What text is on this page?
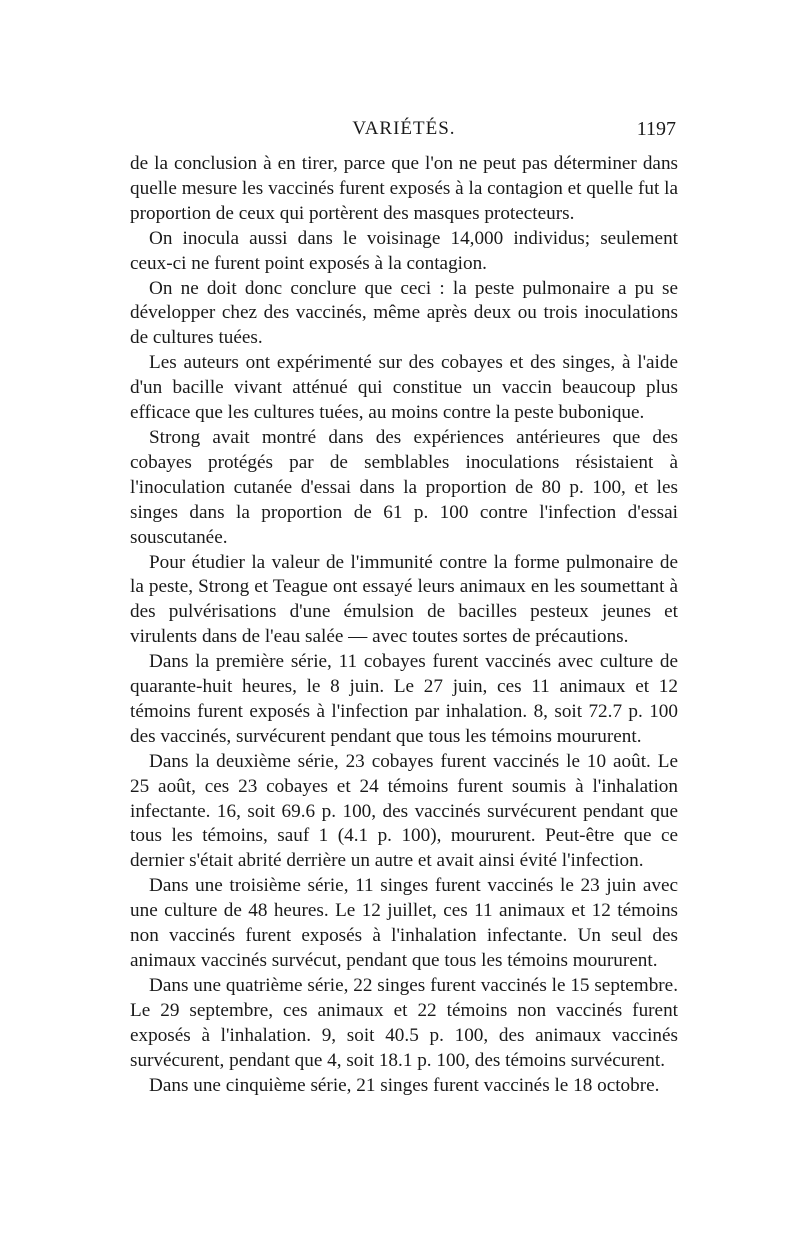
VARIÉTÉS.	1197

de la conclusion à en tirer, parce que l'on ne peut pas déterminer dans quelle mesure les vaccinés furent exposés à la contagion et quelle fut la proportion de ceux qui portèrent des masques protecteurs.

On inocula aussi dans le voisinage 14,000 individus; seulement ceux-ci ne furent point exposés à la contagion.

On ne doit donc conclure que ceci : la peste pulmonaire a pu se développer chez des vaccinés, même après deux ou trois inoculations de cultures tuées.

Les auteurs ont expérimenté sur des cobayes et des singes, à l'aide d'un bacille vivant atténué qui constitue un vaccin beaucoup plus efficace que les cultures tuées, au moins contre la peste bubonique.

Strong avait montré dans des expériences antérieures que des cobayes protégés par de semblables inoculations résistaient à l'inoculation cutanée d'essai dans la proportion de 80 p. 100, et les singes dans la proportion de 61 p. 100 contre l'infection d'essai souscutanée.

Pour étudier la valeur de l'immunité contre la forme pulmonaire de la peste, Strong et Teague ont essayé leurs animaux en les soumettant à des pulvérisations d'une émulsion de bacilles pesteux jeunes et virulents dans de l'eau salée — avec toutes sortes de précautions.

Dans la première série, 11 cobayes furent vaccinés avec culture de quarante-huit heures, le 8 juin. Le 27 juin, ces 11 animaux et 12 témoins furent exposés à l'infection par inhalation. 8, soit 72.7 p. 100 des vaccinés, survécurent pendant que tous les témoins moururent.

Dans la deuxième série, 23 cobayes furent vaccinés le 10 août. Le 25 août, ces 23 cobayes et 24 témoins furent soumis à l'inhalation infectante. 16, soit 69.6 p. 100, des vaccinés survécurent pendant que tous les témoins, sauf 1 (4.1 p. 100), moururent. Peut-être que ce dernier s'était abrité derrière un autre et avait ainsi évité l'infection.

Dans une troisième série, 11 singes furent vaccinés le 23 juin avec une culture de 48 heures. Le 12 juillet, ces 11 animaux et 12 témoins non vaccinés furent exposés à l'inhalation infectante. Un seul des animaux vaccinés survécut, pendant que tous les témoins moururent.

Dans une quatrième série, 22 singes furent vaccinés le 15 septembre. Le 29 septembre, ces animaux et 22 témoins non vaccinés furent exposés à l'inhalation. 9, soit 40.5 p. 100, des animaux vaccinés survécurent, pendant que 4, soit 18.1 p. 100, des témoins survécurent.

Dans une cinquième série, 21 singes furent vaccinés le 18 octobre.
